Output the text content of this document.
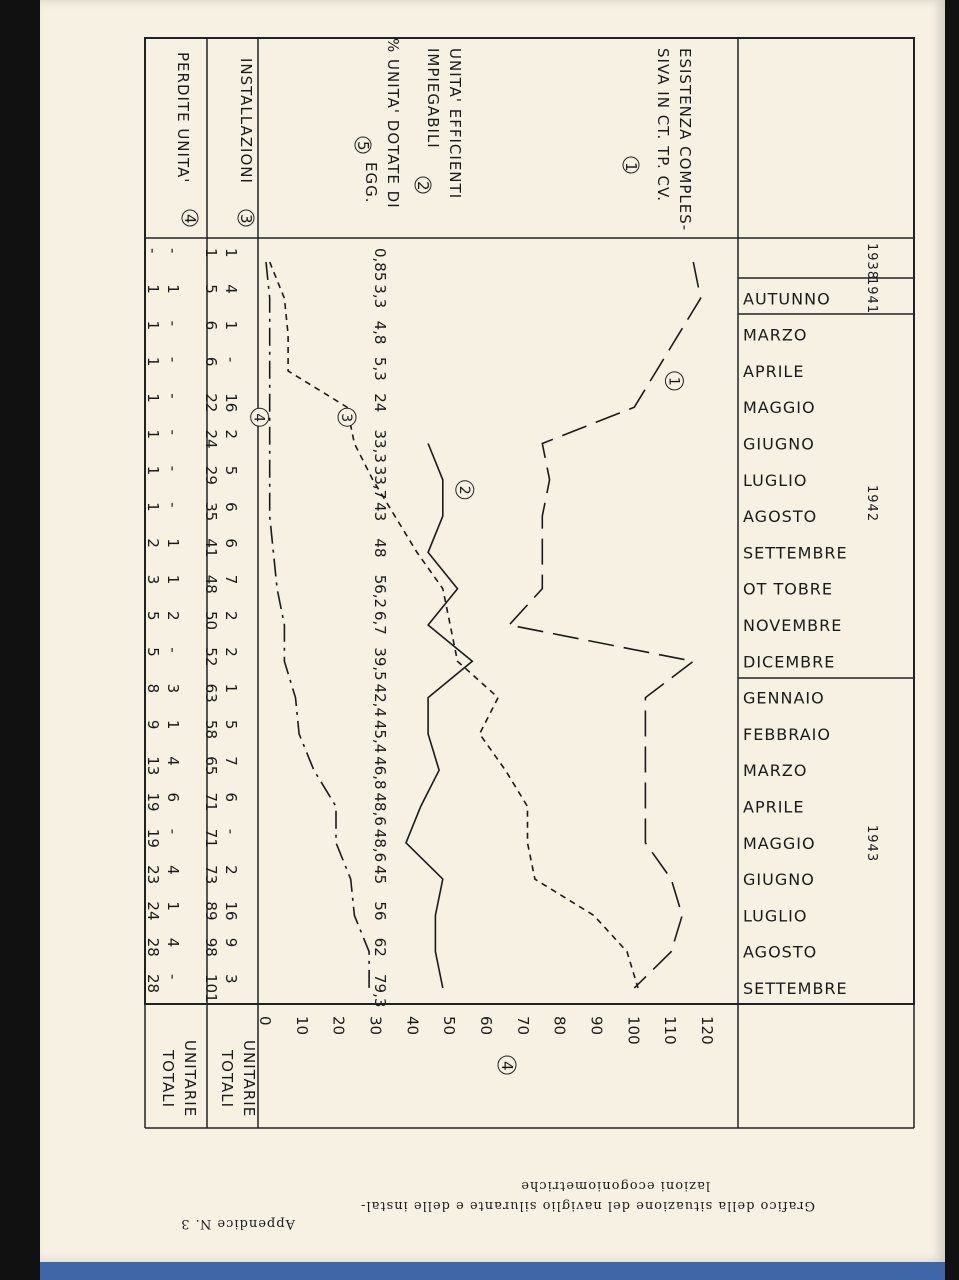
ESISTENZA COMPLES-
SIVA IN CT. TP. CV.
1
UNITA' EFFICIENTI
IMPIEGABILI
2
% UNITA' DOTATE DI
5
EGG.
INSTALLAZIONI
3
PERDITE UNITA'
4
UNITARIE
TOTALI
UNITARIE
TOTALI
1938
1941
1942
1943
AUTUNNO
MARZO
APRILE
MAGGIO
GIUGNO
LUGLIO
AGOSTO
SETTEMBRE
OT TOBRE
NOVEMBRE
DICEMBRE
GENNAIO
FEBBRAIO
MARZO
APRILE
MAGGIO
GIUGNO
LUGLIO
AGOSTO
SETTEMBRE
0 10 20 30 40 50 60 70 80 90 100 110 120
0,85
3,3
4,8
5,3
24
33,3
33,7
43
48
56,2
6,7
39,5
42,4
45,4
46,8
48,6
48,6
45
56
62
79,3
1
4
1
-
16
2
5
6
6
7
2
2
1
5
7
6
-
2
16
9
3
1
5
6
6
22
24
29
35
41
48
50
52
63
58
65
71
71
73
89
98
101
-
1
-
-
-
-
-
-
1
1
2
-
3
1
4
6
-
4
1
4
-
-
1
1
1
1
1
1
1
2
3
5
5
8
9
13
19
19
23
24
28
28
1
2
3
4
4
Grafico della situazione del naviglio silurante e delle instal-
lazioni ecogoniometriche
Appendice N. 3
